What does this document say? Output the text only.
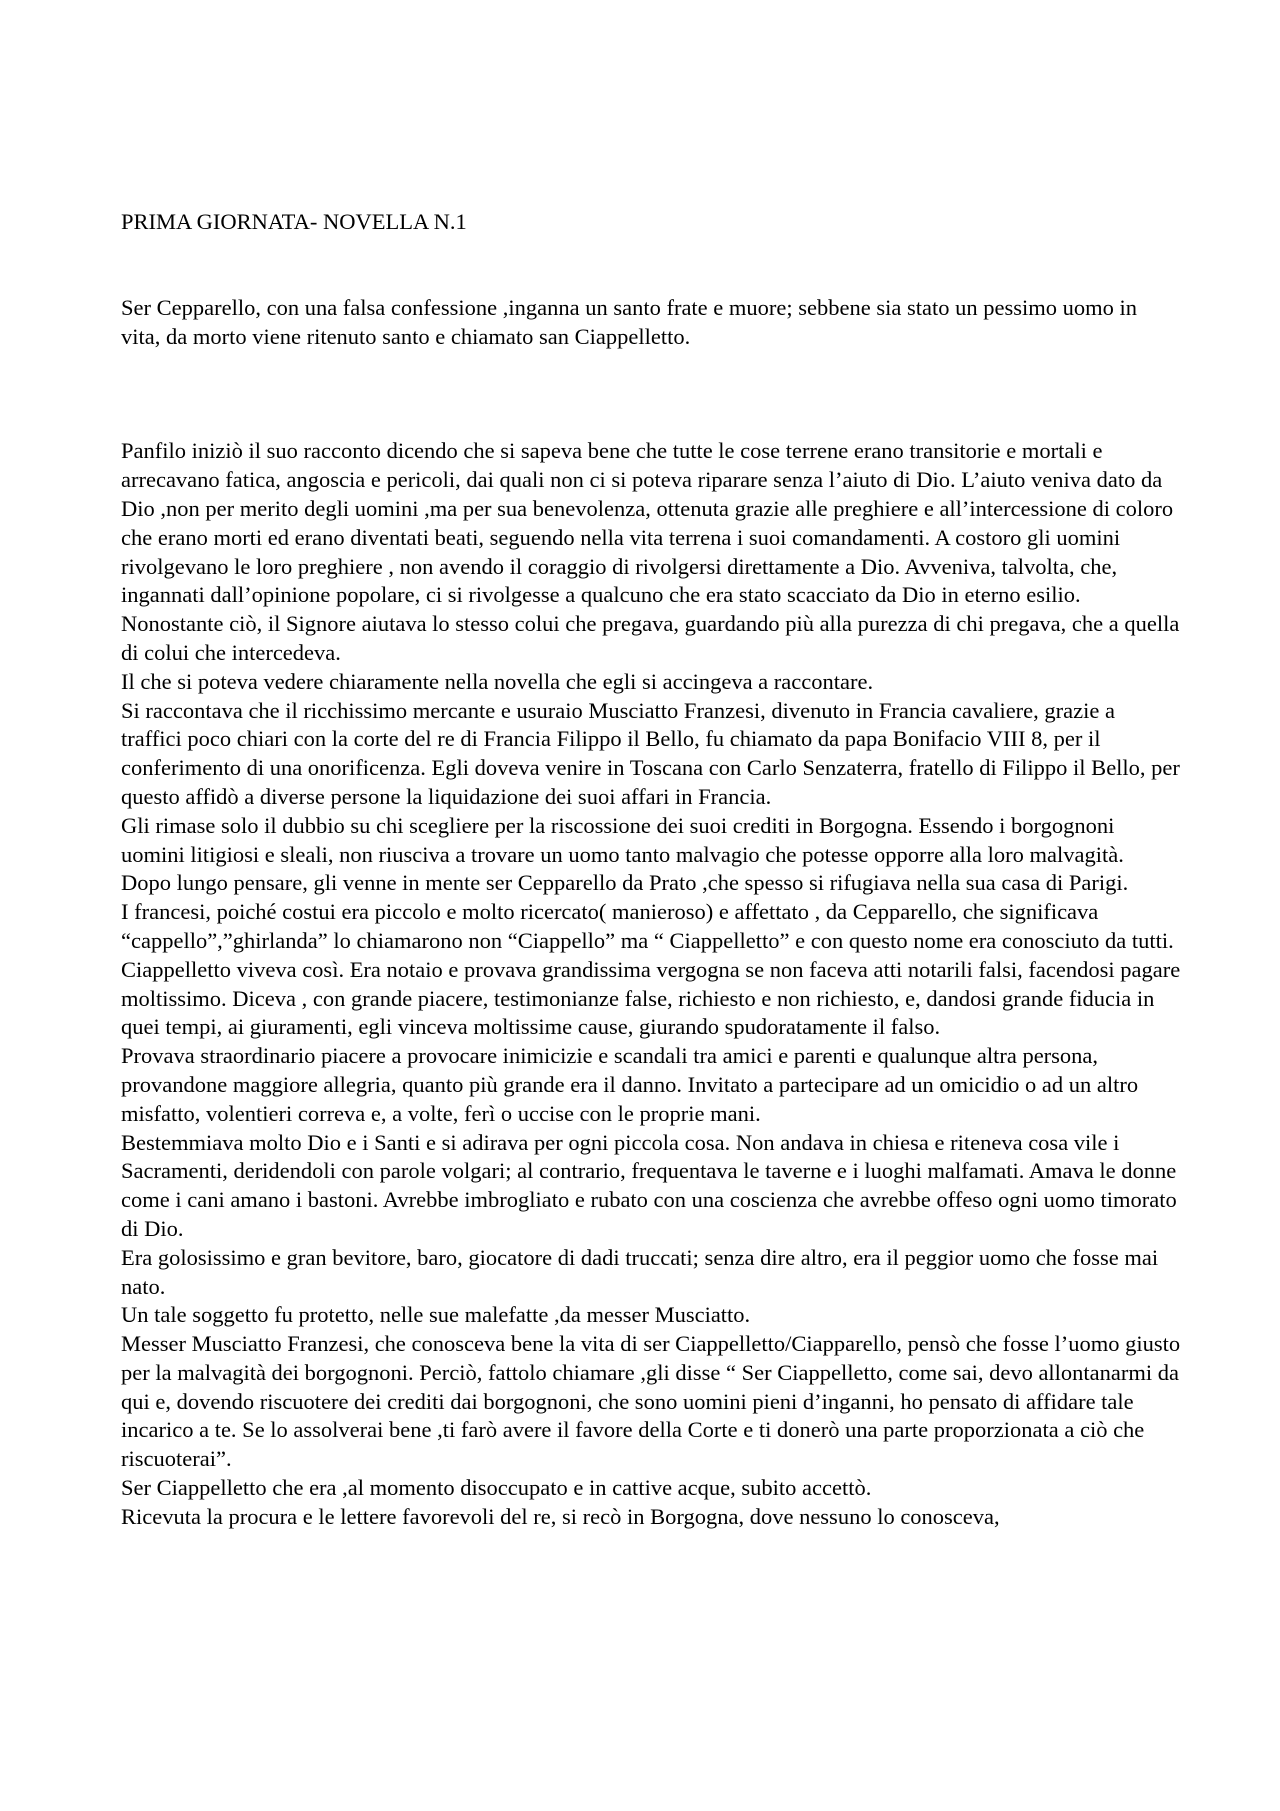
PRIMA GIORNATA- NOVELLA N.1

Ser Cepparello, con una falsa confessione ,inganna un santo frate e muore; sebbene sia stato un pessimo uomo in vita, da morto viene ritenuto santo e chiamato san Ciappelletto.

Panfilo iniziò il suo racconto dicendo che si sapeva bene che tutte le cose terrene erano transitorie e mortali e arrecavano fatica, angoscia e pericoli, dai quali non ci si poteva riparare senza l’aiuto di Dio. L’aiuto veniva dato da Dio ,non per merito degli uomini ,ma per sua benevolenza, ottenuta grazie alle preghiere e all’intercessione di coloro che erano morti ed erano diventati beati, seguendo nella vita terrena i suoi comandamenti. A costoro gli uomini rivolgevano le loro preghiere , non avendo il coraggio di rivolgersi direttamente a Dio. Avveniva, talvolta, che, ingannati dall’opinione popolare, ci si rivolgesse a qualcuno che era stato scacciato da Dio in eterno esilio. Nonostante ciò, il Signore aiutava lo stesso colui che pregava, guardando più alla purezza di chi pregava, che a quella di colui che intercedeva.

Il che si poteva vedere chiaramente nella novella che egli si accingeva a raccontare.

Si raccontava che il ricchissimo mercante e usuraio Musciatto Franzesi, divenuto in Francia cavaliere, grazie a traffici poco chiari con la corte del re di Francia Filippo il Bello, fu chiamato da papa Bonifacio VIII 8, per il conferimento di una onorificenza. Egli doveva venire in Toscana con Carlo Senzaterra, fratello di Filippo il Bello, per questo affidò a diverse persone la liquidazione dei suoi affari in Francia.

Gli rimase solo il dubbio su chi scegliere per la riscossione dei suoi crediti in Borgogna. Essendo i borgognoni uomini litigiosi e sleali, non riusciva a trovare un uomo tanto malvagio che potesse opporre alla loro malvagità.

Dopo lungo pensare, gli venne in mente ser Cepparello da Prato ,che spesso si rifugiava nella sua casa di Parigi.

I francesi, poiché costui era piccolo e molto ricercato( manieroso) e affettato , da Cepparello, che significava “cappello”,”ghirlanda” lo chiamarono non “Ciappello” ma “ Ciappelletto” e con questo nome era conosciuto da tutti.

Ciappelletto viveva così. Era notaio e provava grandissima vergogna se non faceva atti notarili falsi, facendosi pagare moltissimo. Diceva , con grande piacere, testimonianze false, richiesto e non richiesto, e, dandosi grande fiducia in quei tempi, ai giuramenti, egli vinceva moltissime cause, giurando spudoratamente il falso.

Provava straordinario piacere a provocare inimicizie e scandali tra amici e parenti e qualunque altra persona, provandone maggiore allegria, quanto più grande era il danno. Invitato a partecipare ad un omicidio o ad un altro misfatto, volentieri correva e, a volte, ferì o uccise con le proprie mani.

Bestemmiava molto Dio e i Santi e si adirava per ogni piccola cosa. Non andava in chiesa e riteneva cosa vile i Sacramenti, deridendoli con parole volgari; al contrario, frequentava le taverne e i luoghi malfamati. Amava le donne come i cani amano i bastoni. Avrebbe imbrogliato e rubato con una coscienza che avrebbe offeso ogni uomo timorato di Dio.

Era golosissimo e gran bevitore, baro, giocatore di dadi truccati; senza dire altro, era il peggior uomo che fosse mai nato.

Un tale soggetto fu protetto, nelle sue malefatte ,da messer Musciatto.

Messer Musciatto Franzesi, che conosceva bene la vita di ser Ciappelletto/Ciapparello, pensò che fosse l’uomo giusto per la malvagità dei borgognoni. Perciò, fattolo chiamare ,gli disse “ Ser Ciappelletto, come sai, devo allontanarmi da qui e, dovendo riscuotere dei crediti dai borgognoni, che sono uomini pieni d’inganni, ho pensato di affidare tale incarico a te. Se lo assolverai bene ,ti farò avere il favore della Corte e ti donerò una parte proporzionata a ciò che riscuoterai”.

Ser Ciappelletto che era ,al momento disoccupato e in cattive acque, subito accettò.

Ricevuta la procura e le lettere favorevoli del re, si recò in Borgogna, dove nessuno lo conosceva,
